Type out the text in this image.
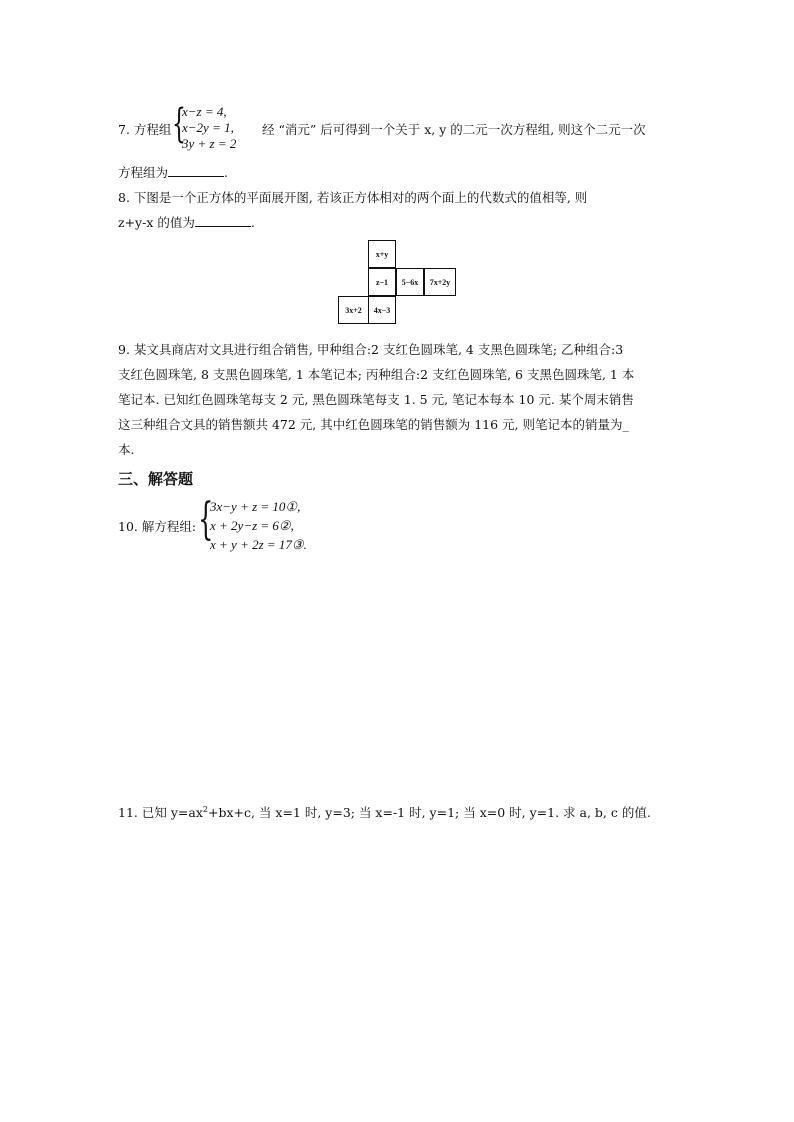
7. 方程组 {
x−z = 4,
x−2y = 1,
3y + z = 2
经 “消元” 后可得到一个关于 x, y 的二元一次方程组, 则这个二元一次
方程组为	.
8. 下图是一个正方体的平面展开图, 若该正方体相对的两个面上的代数式的值相等, 则
z+y-x 的值为	.
x+y
z−1	5−6x	7x+2y
3x+2	4x−3
9. 某文具商店对文具进行组合销售, 甲种组合:2 支红色圆珠笔, 4 支黑色圆珠笔; 乙种组合:3
支红色圆珠笔, 8 支黑色圆珠笔, 1 本笔记本; 丙种组合:2 支红色圆珠笔, 6 支黑色圆珠笔, 1 本
笔记本. 已知红色圆珠笔每支 2 元, 黑色圆珠笔每支 1. 5 元, 笔记本每本 10 元. 某个周末销售
这三种组合文具的销售额共 472 元, 其中红色圆珠笔的销售额为 116 元, 则笔记本的销量为_
本.
三、解答题
10. 解方程组: {
3x−y + z = 10①,
x + 2y−z = 6②,
x + y + 2z = 17③.
11. 已知 $y=ax^2+bx+c$, 当 x=1 时, y=3; 当 x=-1 时, y=1; 当 x=0 时, y=1. 求 a, b, c 的值.
